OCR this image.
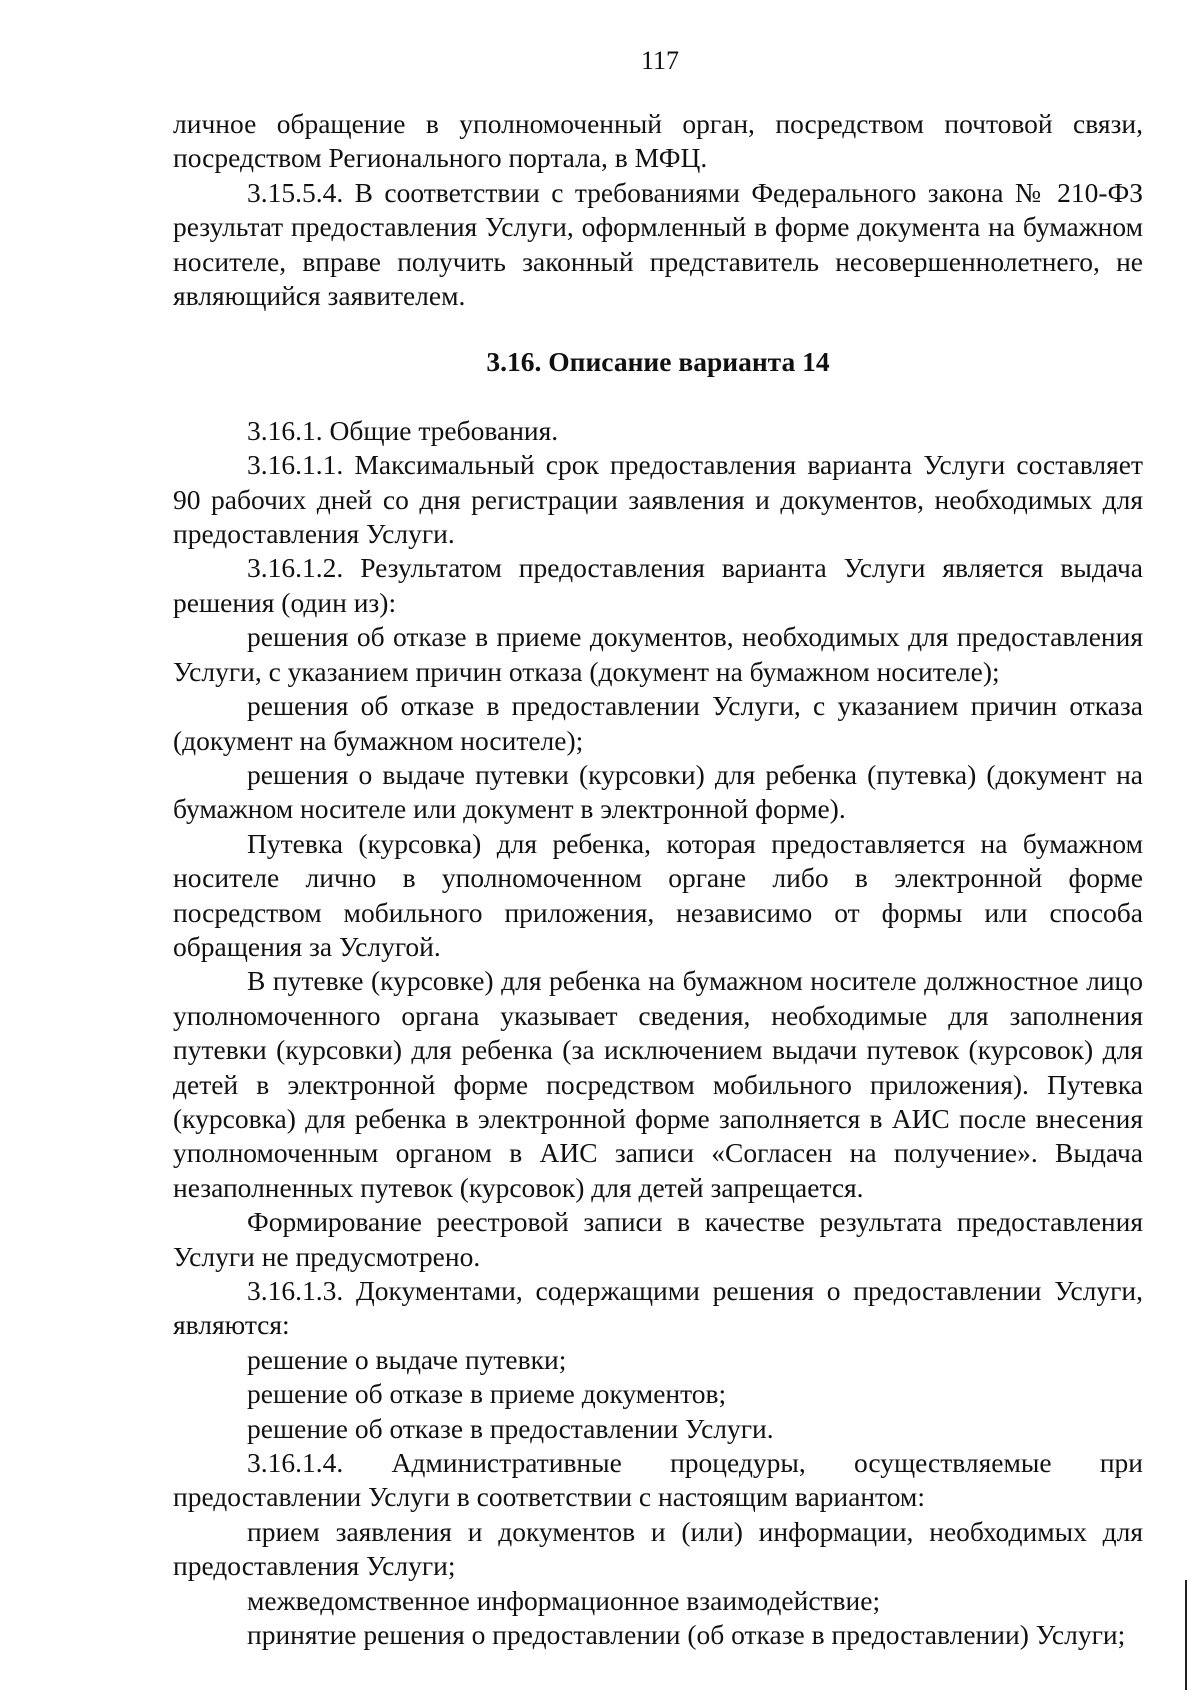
117

личное обращение в уполномоченный орган, посредством почтовой связи, посредством Регионального портала, в МФЦ.

3.15.5.4. В соответствии с требованиями Федерального закона № 210-ФЗ результат предоставления Услуги, оформленный в форме документа на бумажном носителе, вправе получить законный представитель несовершеннолетнего, не являющийся заявителем.

3.16. Описание варианта 14

3.16.1. Общие требования.

3.16.1.1. Максимальный срок предоставления варианта Услуги составляет 90 рабочих дней со дня регистрации заявления и документов, необходимых для предоставления Услуги.

3.16.1.2. Результатом предоставления варианта Услуги является выдача решения (один из):

решения об отказе в приеме документов, необходимых для предоставления Услуги, с указанием причин отказа (документ на бумажном носителе);

решения об отказе в предоставлении Услуги, с указанием причин отказа (документ на бумажном носителе);

решения о выдаче путевки (курсовки) для ребенка (путевка) (документ на бумажном носителе или документ в электронной форме).

Путевка (курсовка) для ребенка, которая предоставляется на бумажном носителе лично в уполномоченном органе либо в электронной форме посредством мобильного приложения, независимо от формы или способа обращения за Услугой.

В путевке (курсовке) для ребенка на бумажном носителе должностное лицо уполномоченного органа указывает сведения, необходимые для заполнения путевки (курсовки) для ребенка (за исключением выдачи путевок (курсовок) для детей в электронной форме посредством мобильного приложения). Путевка (курсовка) для ребенка в электронной форме заполняется в АИС после внесения уполномоченным органом в АИС записи «Согласен на получение». Выдача незаполненных путевок (курсовок) для детей запрещается.

Формирование реестровой записи в качестве результата предоставления Услуги не предусмотрено.

3.16.1.3. Документами, содержащими решения о предоставлении Услуги, являются:

решение о выдаче путевки;

решение об отказе в приеме документов;

решение об отказе в предоставлении Услуги.

3.16.1.4. Административные процедуры, осуществляемые при предоставлении Услуги в соответствии с настоящим вариантом:

прием заявления и документов и (или) информации, необходимых для предоставления Услуги;

межведомственное информационное взаимодействие;

принятие решения о предоставлении (об отказе в предоставлении) Услуги;
